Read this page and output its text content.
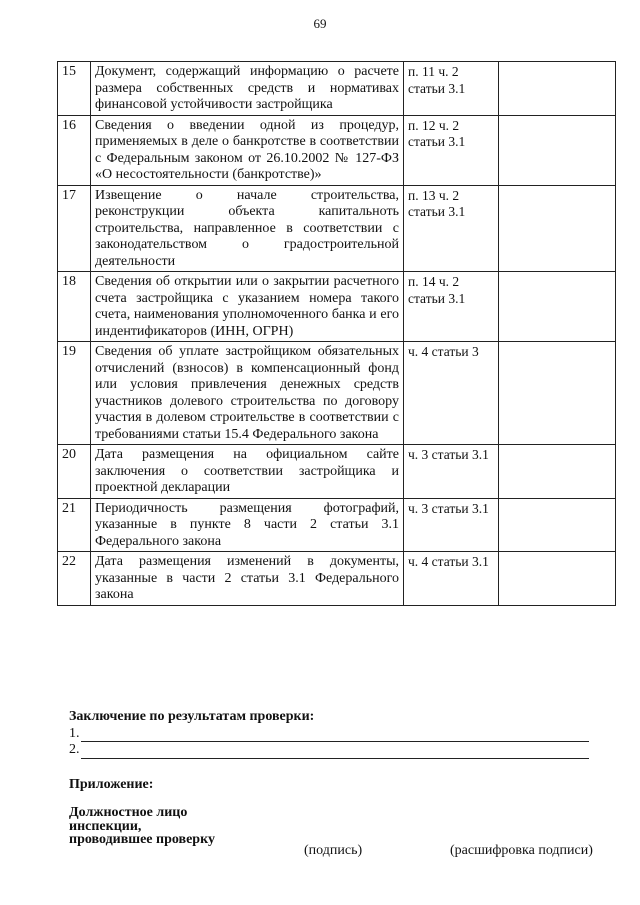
69
15	Документ, содержащий информацию о расчете размера собственных средств и нормативах финансовой устойчивости застройщика	п. 11 ч. 2 статьи 3.1	
16	Сведения о введении одной из процедур, применяемых в деле о банкротстве в соответствии с Федеральным законом от 26.10.2002 № 127-ФЗ «О несостоятельности (банкротстве)»	п. 12 ч. 2 статьи 3.1	
17	Извещение о начале строительства, реконструкции объекта капитальноть строительства, направленное в соответствии с законодательством о градостроительной деятельности	п. 13 ч. 2 статьи 3.1	
18	Сведения об открытии или о закрытии расчетного счета застройщика с указанием номера такого счета, наименования уполномоченного банка и его индентификаторов (ИНН, ОГРН)	п. 14 ч. 2 статьи 3.1	
19	Сведения об уплате застройщиком обязательных отчислений (взносов) в компенсационный фонд или условия привлечения денежных средств участников долевого строительства по договору участия в долевом строительстве в соответствии с требованиями статьи 15.4 Федерального закона	ч. 4 статьи 3	
20	Дата размещения на официальном сайте заключения о соответствии застройщика и проектной декларации	ч. 3 статьи 3.1	
21	Периодичность размещения фотографий, указанные в пункте 8 части 2 статьи 3.1 Федерального закона	ч. 3 статьи 3.1	
22	Дата размещения изменений в документы, указанные в части 2 статьи 3.1 Федерального закона	ч. 4 статьи 3.1	
Заключение по результатам проверки:
1.
2.
Приложение:
Должностное лицо
инспекции,
проводившее проверку
(подпись)	(расшифровка подписи)
